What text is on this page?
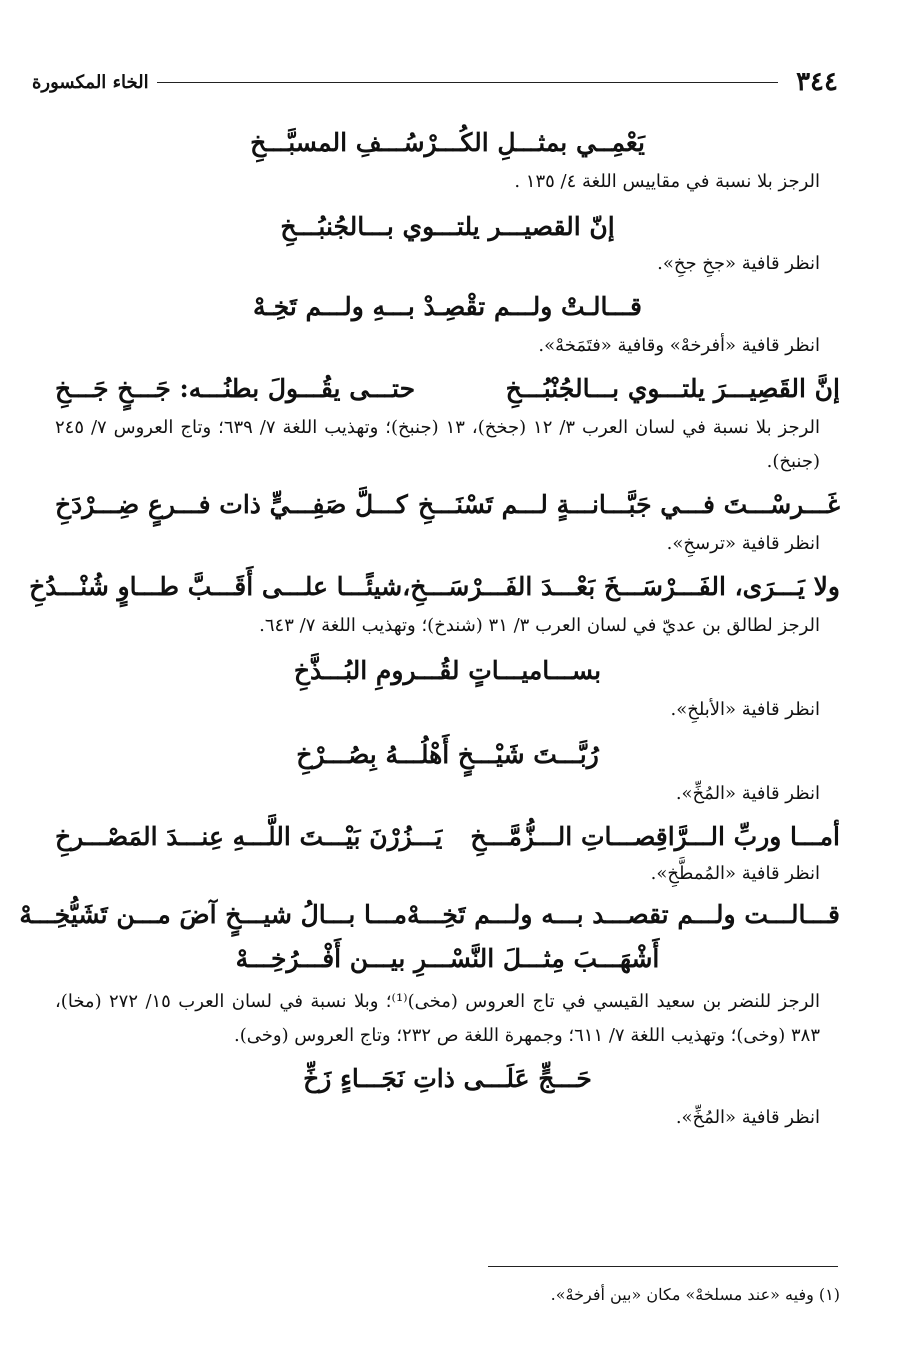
٣٤٤
الخاء المكسورة
يَعْمِــي بمثـــلِ الكُـــرْسُـــفِ المسبَّـــخِ
الرجز بلا نسبة في مقاييس اللغة ٤/ ١٣٥ .
إنّ القصيـــر يلتـــوي بـــالجُنبُـــخِ
انظر قافية «جخِ جخِ».
قـــالـتْ ولـــم تقْصِـدْ بـــهِ ولـــم تَخِـهْ
انظر قافية «أفرخهْ» وقافية «فتَمَخهْ».
إنَّ القَصِيـــرَ يلتـــوي بـــالجُنْبُـــخِ
حتـــى يقُـــولَ بطنُـــه: جَـــخٍ جَـــخِ
الرجز بلا نسبة في لسان العرب ٣/ ١٢ (جخخ)، ١٣ (جنبخ)؛ وتهذيب اللغة ٧/ ٦٣٩؛ وتاج العروس ٧/ ٢٤٥ (جنبخ).
غَـــرسْـــتَ فـــي جَبَّـــانـــةٍ لـــم تَسْنَـــخِ
كـــلَّ صَفِـــيٍّ ذات فـــرعٍ ضِـــرْدَخِ
انظر قافية «ترسخِ».
ولا يَـــرَى، الفَـــرْسَـــخَ بَعْـــدَ الفَـــرْسَـــخِ،
شيئًـــا علـــى أَقَـــبَّ طـــاوٍ شُنْـــدُخِ
الرجز لطالق بن عديّ في لسان العرب ٣/ ٣١ (شندخ)؛ وتهذيب اللغة ٧/ ٦٤٣.
بســـاميـــاتٍ لقُـــرومِ البُـــذَّخِ
انظر قافية «الأبلخِ».
رُبَّـــتَ شَيْـــخٍ أَهْلُـــهُ بِصُـــرْخِ
انظر قافية «المُخِّ».
أمـــا وربِّ الـــرَّاقِصـــاتِ الـــزُّمَّـــخِ
يَـــزُرْنَ بَيْـــتَ اللَّـــهِ عِنـــدَ المَصْـــرخِ
انظر قافية «المُمطَّخِ».
قـــالـــت ولـــم تقصـــد بـــه ولـــم تَخِـــهْ
مـــا بـــالُ شيـــخٍ آضَ مـــن تَشَيُّخِـــهْ
أَشْهَـــبَ مِثـــلَ النَّسْـــرِ بيـــن أَفْـــرُخِـــهْ
الرجز للنضر بن سعيد القيسي في تاج العروس (مخى)⁽¹⁾؛ وبلا نسبة في لسان العرب ١٥/ ٢٧٢ (مخا)، ٣٨٣ (وخى)؛ وتهذيب اللغة ٧/ ٦١١؛ وجمهرة اللغة ص ٢٣٢؛ وتاج العروس (وخى).
حَـــجٍّ عَلَـــى ذاتِ نَجَـــاءٍ زَخِّ
انظر قافية «المُخِّ».
(١) وفيه «عند مسلخهْ» مكان «بين أفرخهْ».
